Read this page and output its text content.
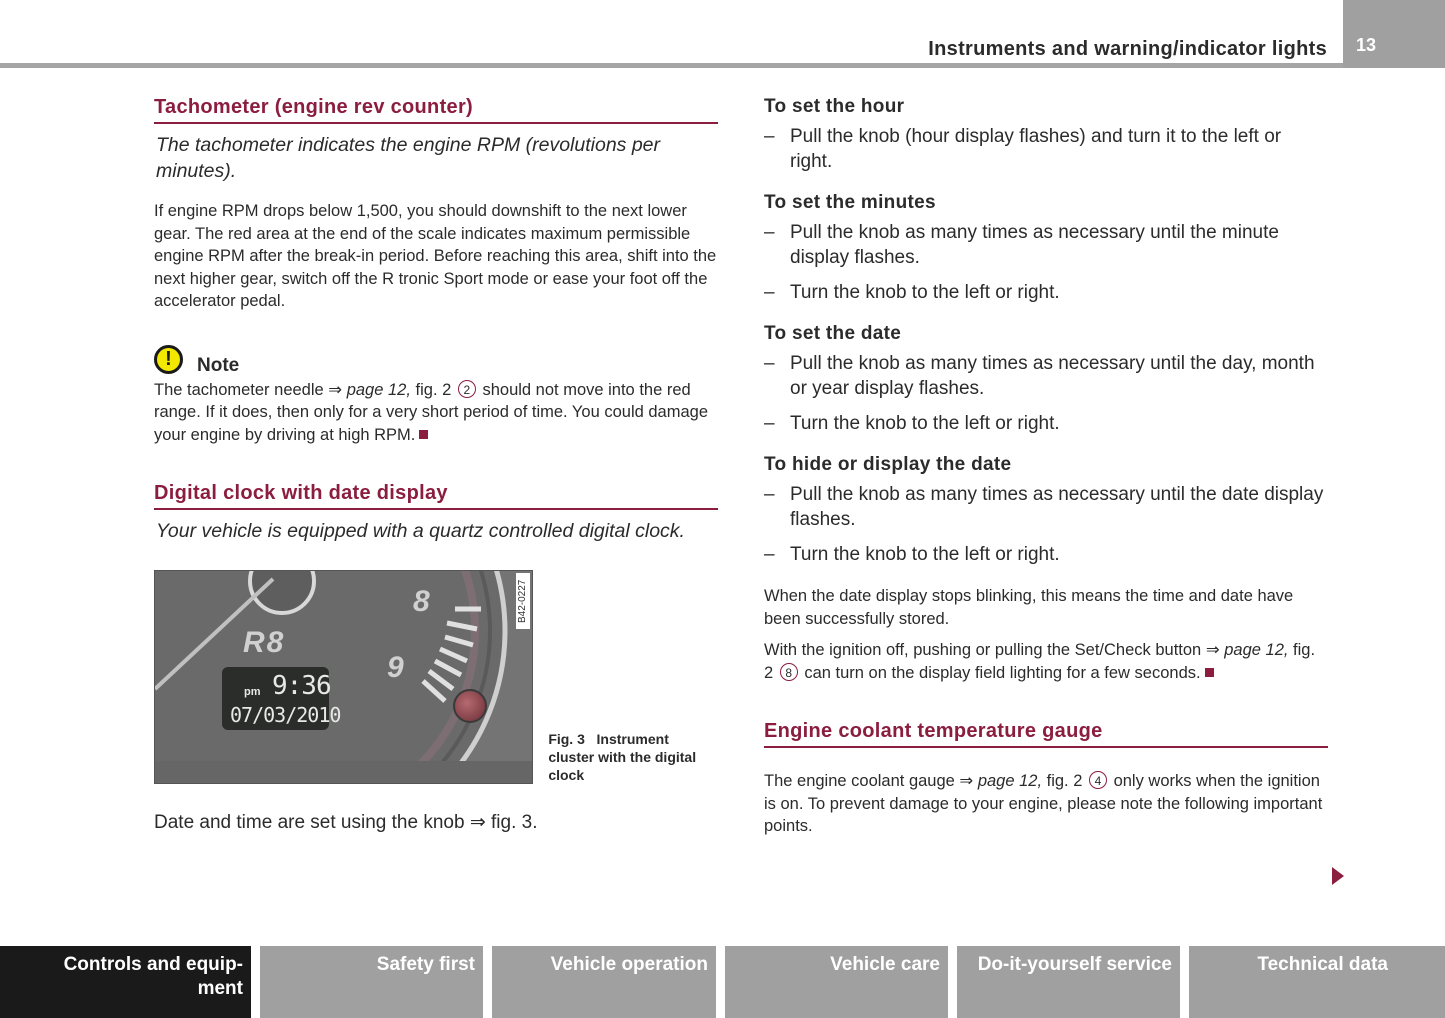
Instruments and warning/indicator lights 13
Tachometer (engine rev counter)

The tachometer indicates the engine RPM (revolutions per minutes).

If engine RPM drops below 1,500, you should downshift to the next lower gear. The red area at the end of the scale indicates maximum permissible engine RPM after the break-in period. Before reaching this area, shift into the next higher gear, switch off the R tronic Sport mode or ease your foot off the accelerator pedal.

!	Note

The tachometer needle ⇒ page 12, fig. 2 2 should not move into the red range. If it does, then only for a very short period of time. You could damage your engine by driving at high RPM.

Digital clock with date display

Your vehicle is equipped with a quartz controlled digital clock.

R8
8
9
pm 9:36
07/03/2010
B42-0227
Fig. 3 Instrument cluster with the digital clock

Date and time are set using the knob ⇒ fig. 3.

To set the hour
– Pull the knob (hour display flashes) and turn it to the left or right.
To set the minutes
– Pull the knob as many times as necessary until the minute display flashes.
– Turn the knob to the left or right.
To set the date
– Pull the knob as many times as necessary until the day, month or year display flashes.
– Turn the knob to the left or right.
To hide or display the date
– Pull the knob as many times as necessary until the date display flashes.
– Turn the knob to the left or right.

When the date display stops blinking, this means the time and date have been successfully stored.

With the ignition off, pushing or pulling the Set/Check button ⇒ page 12, fig. 2 8 can turn on the display field lighting for a few seconds.

Engine coolant temperature gauge

The engine coolant gauge ⇒ page 12, fig. 2 4 only works when the ignition is on. To prevent damage to your engine, please note the following important points.

Controls and equip-
ment
Safety first	Vehicle operation	Vehicle care	Do-it-yourself service	Technical data
